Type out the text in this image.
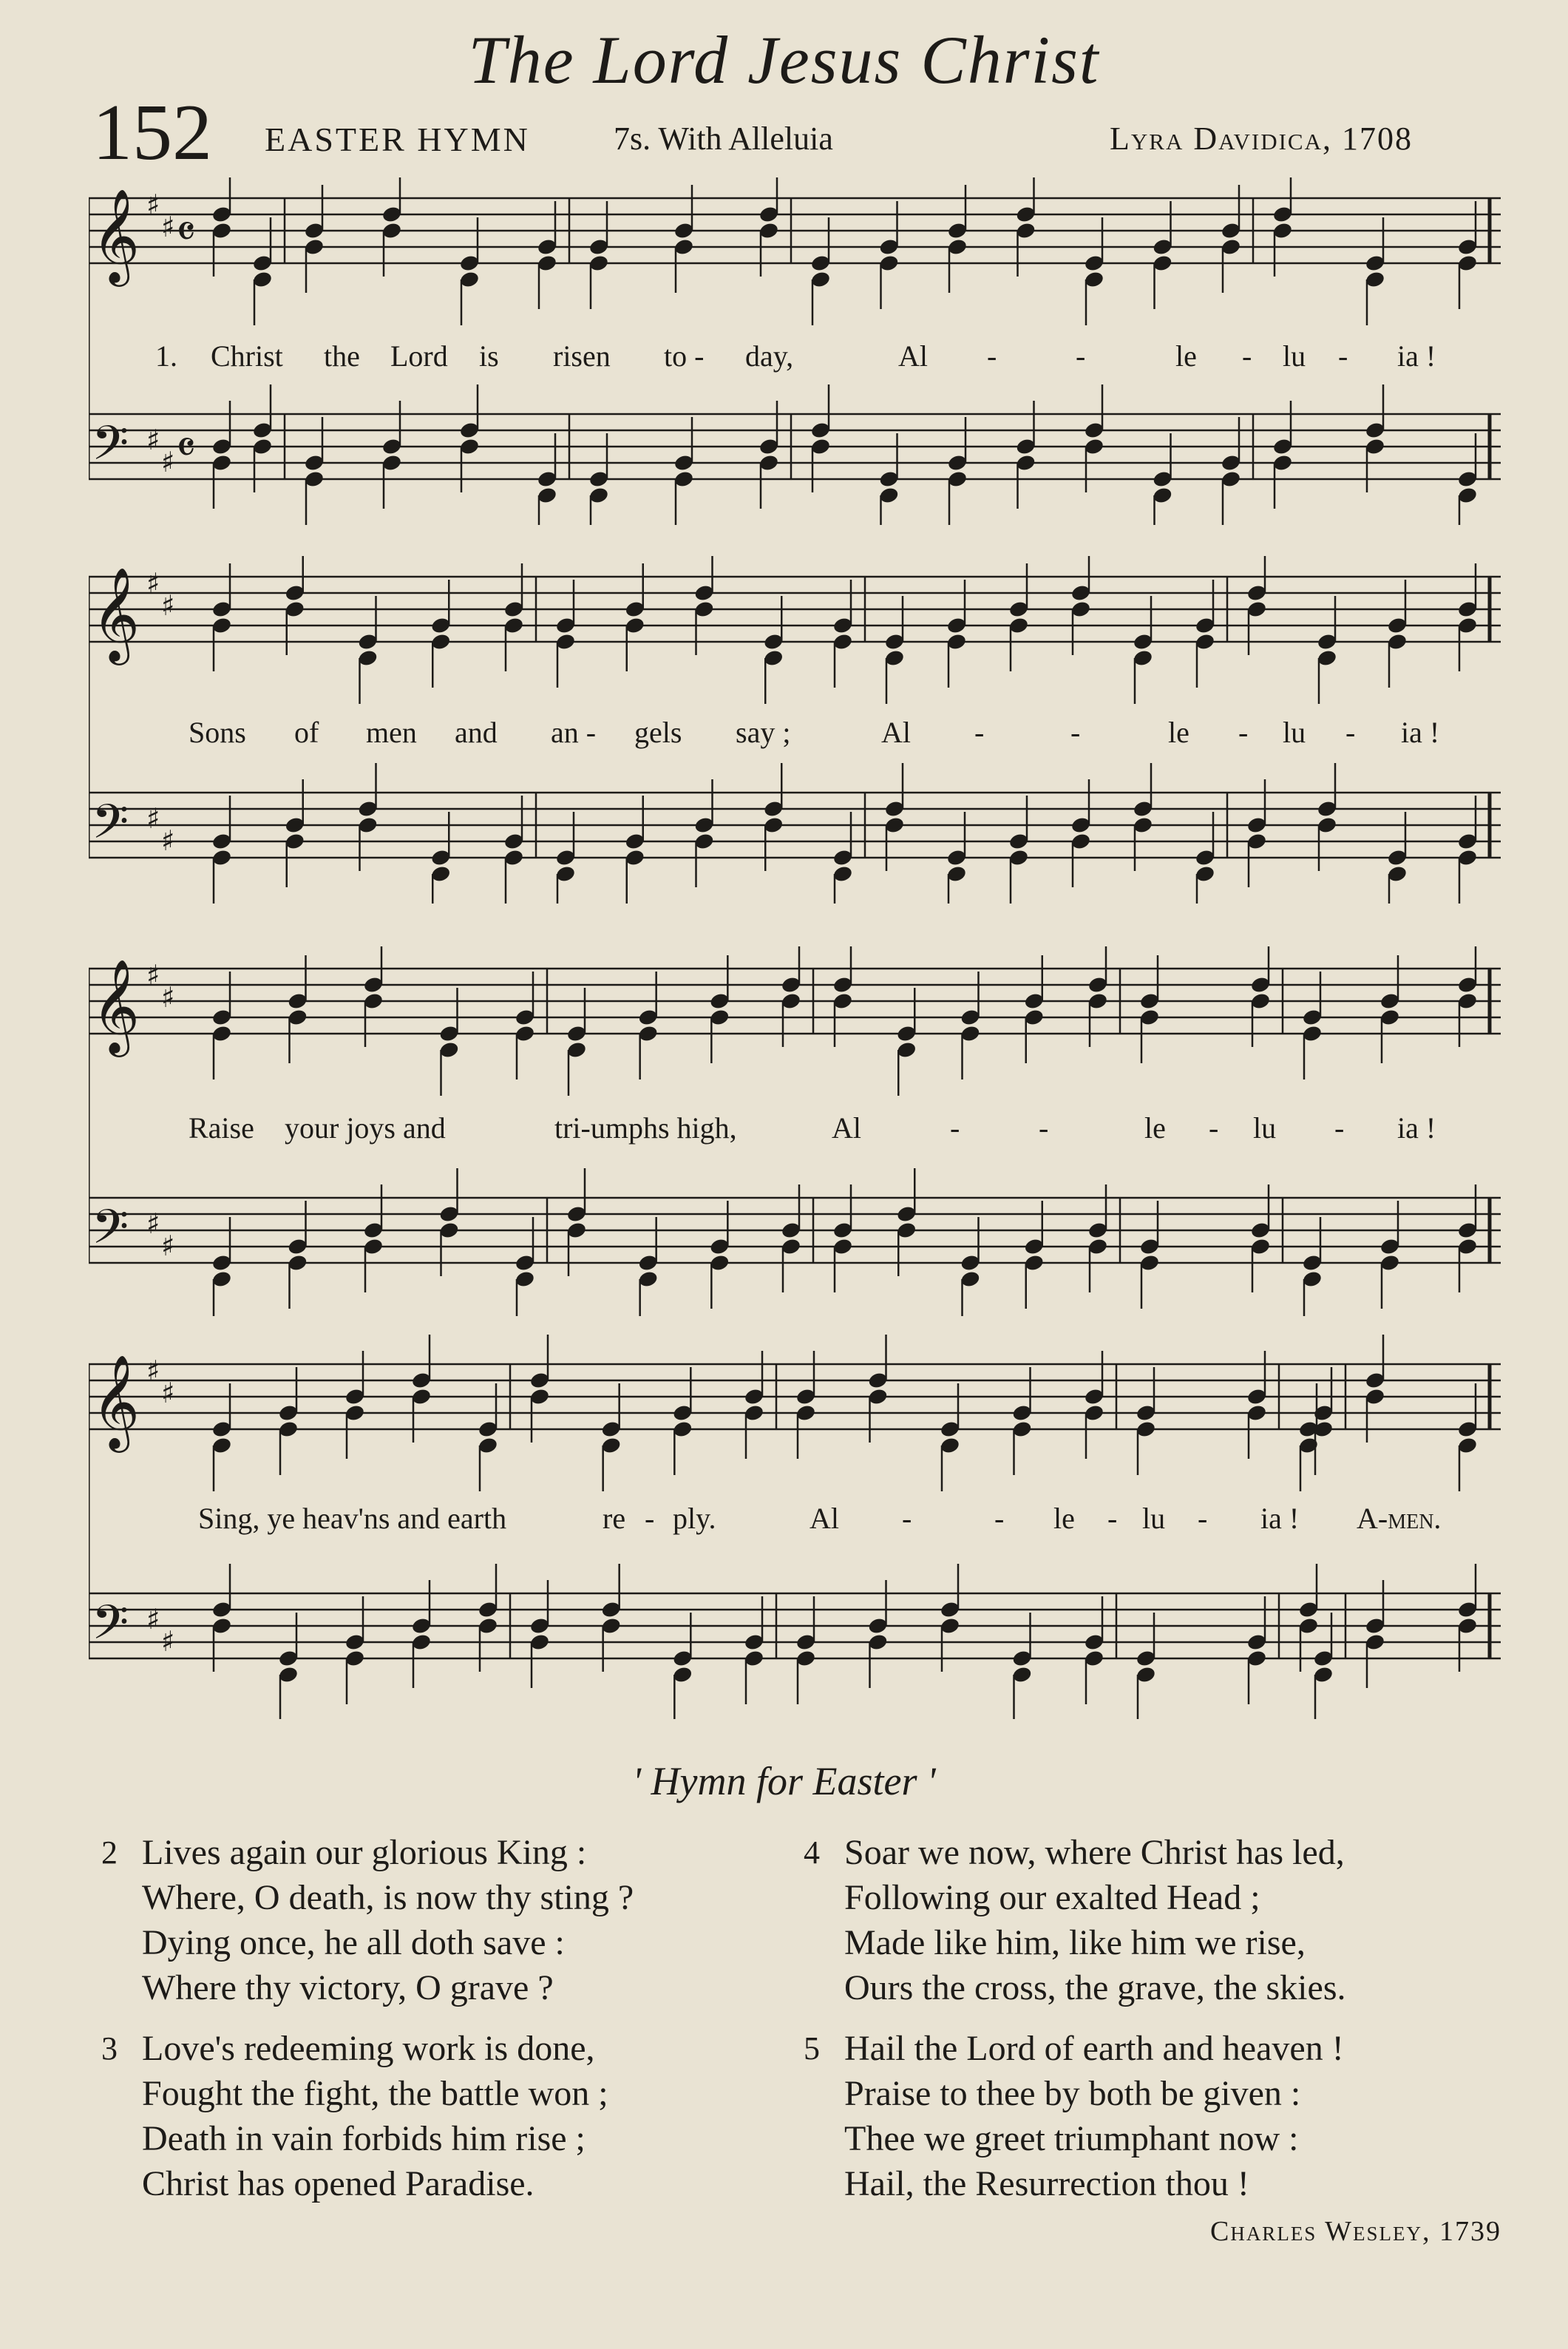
The Lord Jesus Christ
152 EASTER HYMN	7s. With Alleluia	Lyra Davidica, 1708
𝄞 ♯
♯ 𝄴
𝄢 ♯
♯ 𝄴
1. Christ the Lord is risen to - day,	Al -	-	le - lu - ia !
𝄞 ♯
♯
𝄢 ♯
♯
Sons of men and an - gels say ;	Al -	-	le - lu - ia !
𝄞 ♯
♯
𝄢 ♯
♯
Raise your joys and	tri-umphs high,	Al	-	-	le - lu - ia !
𝄞 ♯
♯
𝄢 ♯
♯
Sing, ye heav'ns and earth	re - ply.	Al -	- le - lu - ia ! A-men.
' Hymn for Easter '
2 Lives again our glorious King :
Where, O death, is now thy sting ?
Dying once, he all doth save :
Where thy victory, O grave ?
3 Love's redeeming work is done,
Fought the fight, the battle won ;
Death in vain forbids him rise ;
Christ has opened Paradise.
4 Soar we now, where Christ has led,
Following our exalted Head ;
Made like him, like him we rise,
Ours the cross, the grave, the skies.
5 Hail the Lord of earth and heaven !
Praise to thee by both be given :
Thee we greet triumphant now :
Hail, the Resurrection thou !
Charles Wesley, 1739
